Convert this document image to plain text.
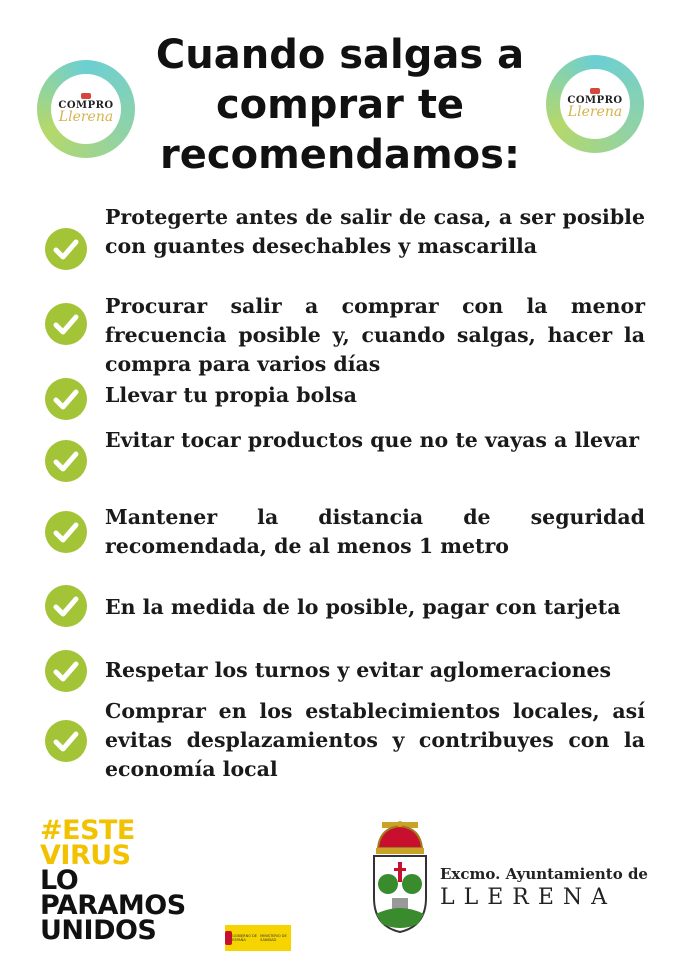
Cuando salgas a comprar te recomendamos:
COMPRO
Llerena
COMPRO
Llerena
Protegerte antes de salir de casa, a ser posible con guantes desechables y mascarilla
Procurar salir a comprar con la menor frecuencia posible y, cuando salgas, hacer la compra para varios días
Llevar tu propia bolsa
Evitar tocar productos que no te vayas a llevar
Mantener la distancia de seguridad recomendada, de al menos 1 metro
En la medida de lo posible, pagar con tarjeta
Respetar los turnos y evitar aglomeraciones
Comprar en los establecimientos locales, así evitas desplazamientos y contribuyes con la economía local
#ESTE
VIRUS
LO
PARAMOS
UNIDOS	GOBIERNO DE ESPAÑA
MINISTERIO DE SANIDAD
Excmo. Ayuntamiento de
LLERENA
